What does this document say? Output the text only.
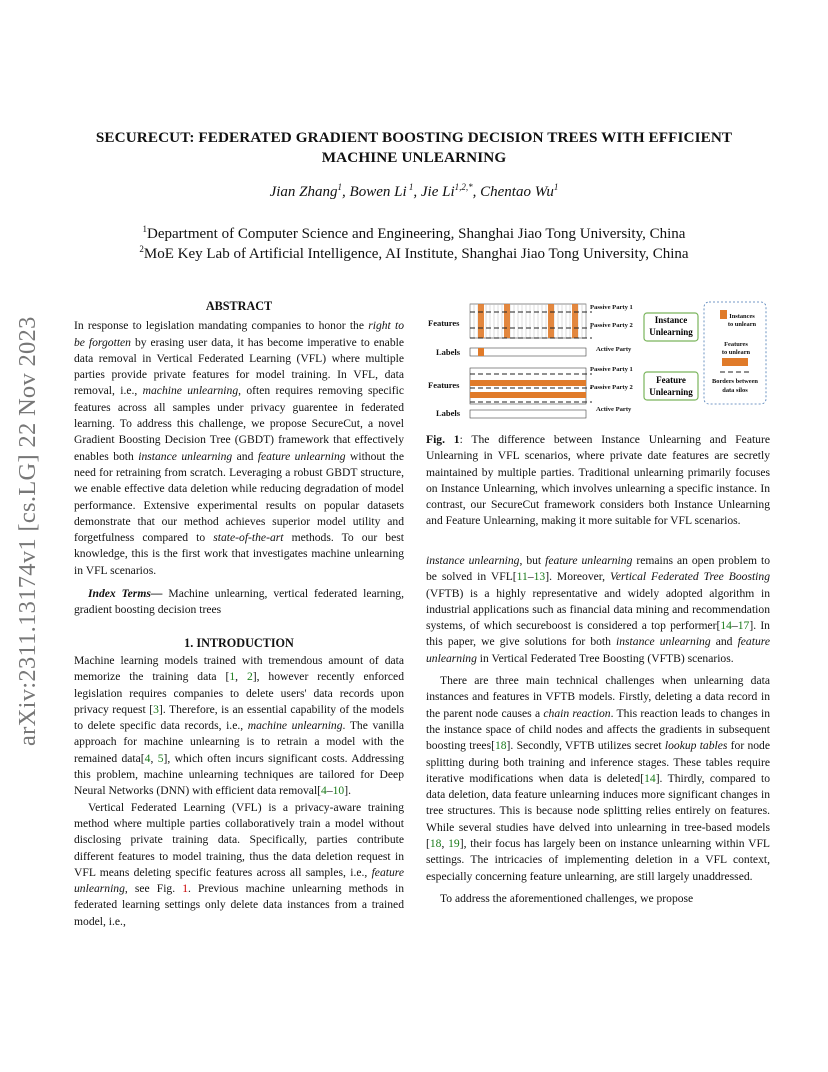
arXiv:2311.13174v1 [cs.LG] 22 Nov 2023
SECURECUT: FEDERATED GRADIENT BOOSTING DECISION TREES WITH EFFICIENT
MACHINE UNLEARNING
Jian Zhang$^1$, Bowen Li $^1$, Jie $Li^{1,2,*}$, Chentao Wu$^1$
$^1$Department of Computer Science and Engineering, Shanghai Jiao Tong University, China
$^2$MoE Key Lab of Artificial Intelligence, AI Institute, Shanghai Jiao Tong University, China
ABSTRACT

In response to legislation mandating companies to honor the right to be forgotten by erasing user data, it has become imperative to enable data removal in Vertical Federated Learning (VFL) where multiple parties provide private features for model training. In VFL, data removal, i.e., machine unlearning, often requires removing specific features across all samples under privacy guarentee in federated learning. To address this challenge, we propose SecureCut, a novel Gradient Boosting Decision Tree (GBDT) framework that effectively enables both instance unlearning and feature unlearning without the need for retraining from scratch. Leveraging a robust GBDT structure, we enable effective data deletion while reducing degradation of model performance. Extensive experimental results on popular datasets demonstrate that our method achieves superior model utility and forgetfulness compared to state-of-the-art methods. To our best knowledge, this is the first work that investigates machine unlearning in VFL scenarios.

Index Terms— Machine unlearning, vertical federated learning, gradient boosting decision trees

1. INTRODUCTION

Machine learning models trained with tremendous amount of data memorize the training data [1, 2], however recently enforced legislation requires companies to delete users' data records upon privacy request [3]. Therefore, is an essential capability of the models to delete specific data records, i.e., machine unlearning. The vanilla approach for machine unlearning is to retrain a model with the remained data[4, 5], which often incurs significant costs. Addressing this problem, machine unlearning techniques are tailored for Deep Neural Networks (DNN) with efficient data removal[4–10].

Vertical Federated Learning (VFL) is a privacy-aware training method where multiple parties collaboratively train a model without disclosing private training data. Specifically, parties contribute different features to model training, thus the data deletion request in VFL means deleting specific features across all samples, i.e., feature unlearning, see Fig. 1. Previous machine unlearning methods in federated learning settings only delete data instances from a trained model, i.e.,

Passive Party 1
Passive Party 2
Active Party
Passive Party 1
Passive Party 2
Active Party
Features
Labels
Features
Labels
Instance
Unlearning
Feature
Unlearning
Instances
to unlearn
Features
to unlearn
Borders between
data silos

Fig. 1: The difference between Instance Unlearning and Feature Unlearning in VFL scenarios, where private date features are secretly maintained by multiple parties. Traditional unlearning primarily focuses on Instance Unlearning, which involves unlearning a specific instance. In contrast, our SecureCut framework considers both Instance Unlearning and Feature Unlearning, making it more suitable for VFL scenarios.

instance unlearning, but feature unlearning remains an open problem to be solved in VFL[11–13]. Moreover, Vertical Federated Tree Boosting (VFTB) is a highly representative and widely adopted algorithm in industrial applications such as financial data mining and recommendation systems, of which secureboost is considered a top performer[14–17]. In this paper, we give solutions for both instance unlearning and feature unlearning in Vertical Federated Tree Boosting (VFTB) scenarios.

There are three main technical challenges when unlearning data instances and features in VFTB models. Firstly, deleting a data record in the parent node causes a chain reaction. This reaction leads to changes in the instance space of child nodes and affects the gradients in subsequent boosting trees[18]. Secondly, VFTB utilizes secret lookup tables for node splitting during both training and inference stages. These tables require iterative modifications when data is deleted[14]. Thirdly, compared to data deletion, data feature unlearning induces more significant changes in tree structures. This is because node splitting relies entirely on features. While several studies have delved into unlearning in tree-based models [18, 19], their focus has largely been on instance unlearning within VFL settings. The intricacies of implementing deletion in a VFL context, especially concerning feature unlearning, are still largely unaddressed.

To address the aforementioned challenges, we propose
